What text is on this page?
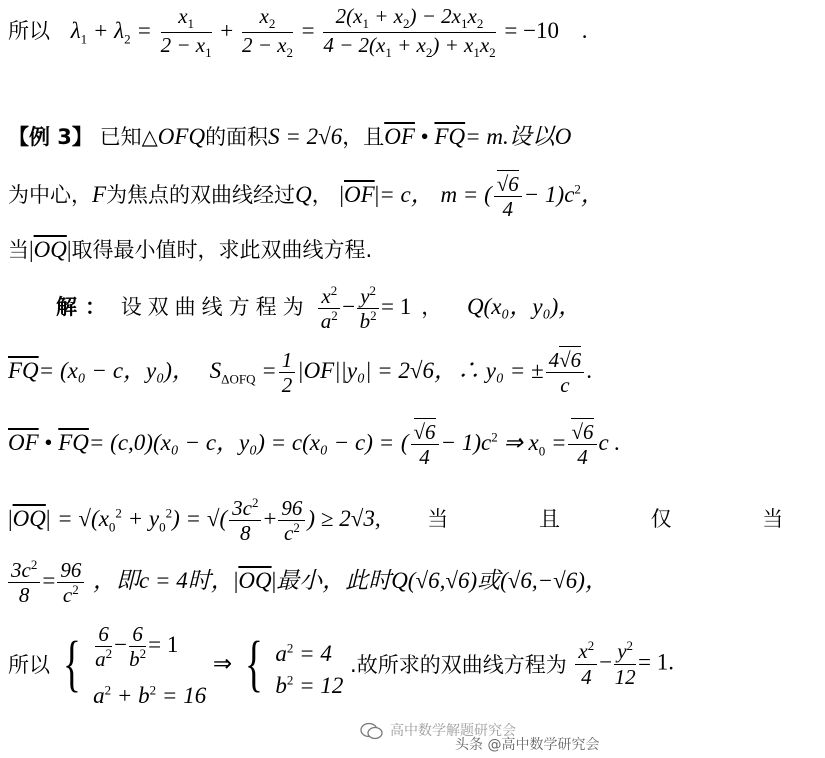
所以 $\lambda_1 + \lambda_2 = \frac{x_1}{2 - x_1} + \frac{x_2}{2 - x_2} = \frac{2(x_1 + x_2) - 2x_1x_2}{4 - 2(x_1 + x_2) + x_1x_2} = -10$ .
【例 3】 已知△OFQ的面积S = 2√6，且$\overline{OF}$ • $\overline{FQ}= m$.设以O
为中心，F为焦点的双曲线经过Q， $|\overline{OF}|= c$， m = ( $\frac{√6}{4} - 1)c^2$，
当$|\overline{OQ}|$取得最小值时，求此双曲线方程.
解： 设双曲线方程为 $\frac{x^2}{a^2} - \frac{y^2}{b^2} = 1$ ， Q(x₀，y₀)，
$\overline{FQ}= (x_0 - c$，y₀)， $S_{\Delta OFQ} = \frac{1}{2} |OF||y_0| = 2√6$，∴ y₀ = ± $\frac{4√6}{c}$ .
$\overline{OF}$ • $\overline{FQ}= (c,0)(x_0 - c$，y₀) = c(x₀ − c) = ( $\frac{√6}{4} - 1)c^2$ ⇒ $x_0 = \frac{√6}{4}$ c .
$|\overline{OQ}| = √(x_0^2 + y_0^2)$ = √( $\frac{3c^2}{8} + \frac{96}{c^2}$ ) ≥ 2√3, 当 且 仅 当
$\frac{3c^2}{8} = \frac{96}{c^2}$ ，即c = 4时，$|\overline{OQ}|$最小，此时Q(√6,√6)或(√6,−√6)，
所以 { $\frac{6}{a^2} - \frac{6}{b^2} = 1$
$a^2 + b^2 = 16$
⇒ { $a^2 = 4$
$b^2 = 12$
.故所求的双曲线方程为 $\frac{x^2}{4} - \frac{y^2}{12} = 1$.
高中数学解题研究会
头条 @高中数学研究会
